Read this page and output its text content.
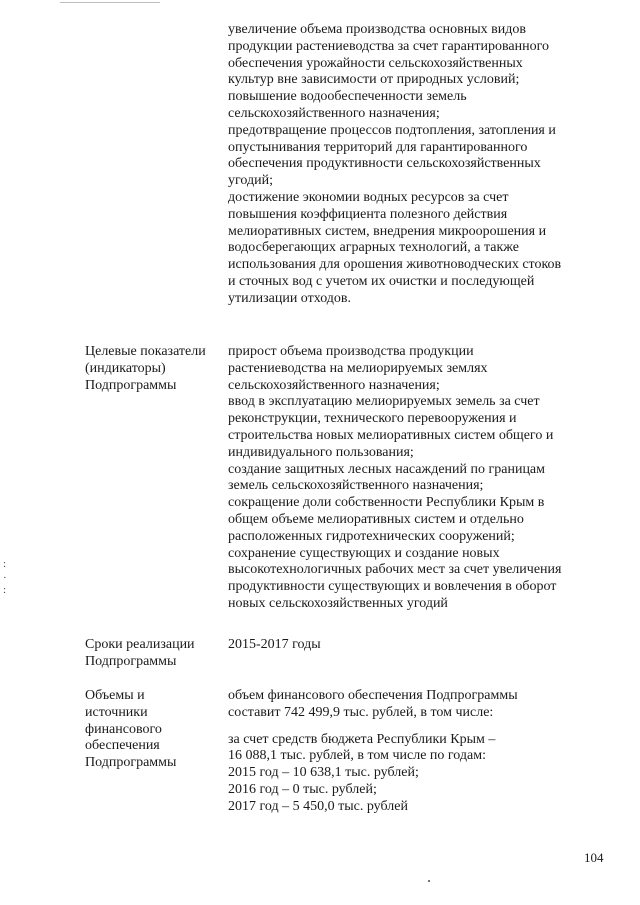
увеличение объема производства основных видов
продукции растениеводства за счет гарантированного
обеспечения урожайности сельскохозяйственных
культур вне зависимости от природных условий;
повышение водообеспеченности земель
сельскохозяйственного назначения;
предотвращение процессов подтопления, затопления и
опустынивания территорий для гарантированного
обеспечения продуктивности сельскохозяйственных
угодий;
достижение экономии водных ресурсов за счет
повышения коэффициента полезного действия
мелиоративных систем, внедрения микроорошения и
водосберегающих аграрных технологий, а также
использования для орошения животноводческих стоков
и сточных вод с учетом их очистки и последующей
утилизации отходов.
Целевые показатели
(индикаторы)
Подпрограммы
прирост объема производства продукции
растениеводства на мелиорируемых землях
сельскохозяйственного назначения;
ввод в эксплуатацию мелиорируемых земель за счет
реконструкции, технического перевооружения и
строительства новых мелиоративных систем общего и
индивидуального пользования;
создание защитных лесных насаждений по границам
земель сельскохозяйственного назначения;
сокращение доли собственности Республики Крым в
общем объеме мелиоративных систем и отдельно
расположенных гидротехнических сооружений;
сохранение существующих и создание новых
высокотехнологичных рабочих мест за счет увеличения
продуктивности существующих и вовлечения в оборот
новых сельскохозяйственных угодий
Сроки реализации
Подпрограммы
2015-2017 годы
Объемы и
источники
финансового
обеспечения
Подпрограммы
объем финансового обеспечения Подпрограммы
составит 742 499,9 тыс. рублей, в том числе:
за счет средств бюджета Республики Крым –
16 088,1 тыс. рублей, в том числе по годам:
2015 год – 10 638,1 тыс. рублей;
2016 год – 0 тыс. рублей;
2017 год – 5 450,0 тыс. рублей
:
·
:
104
